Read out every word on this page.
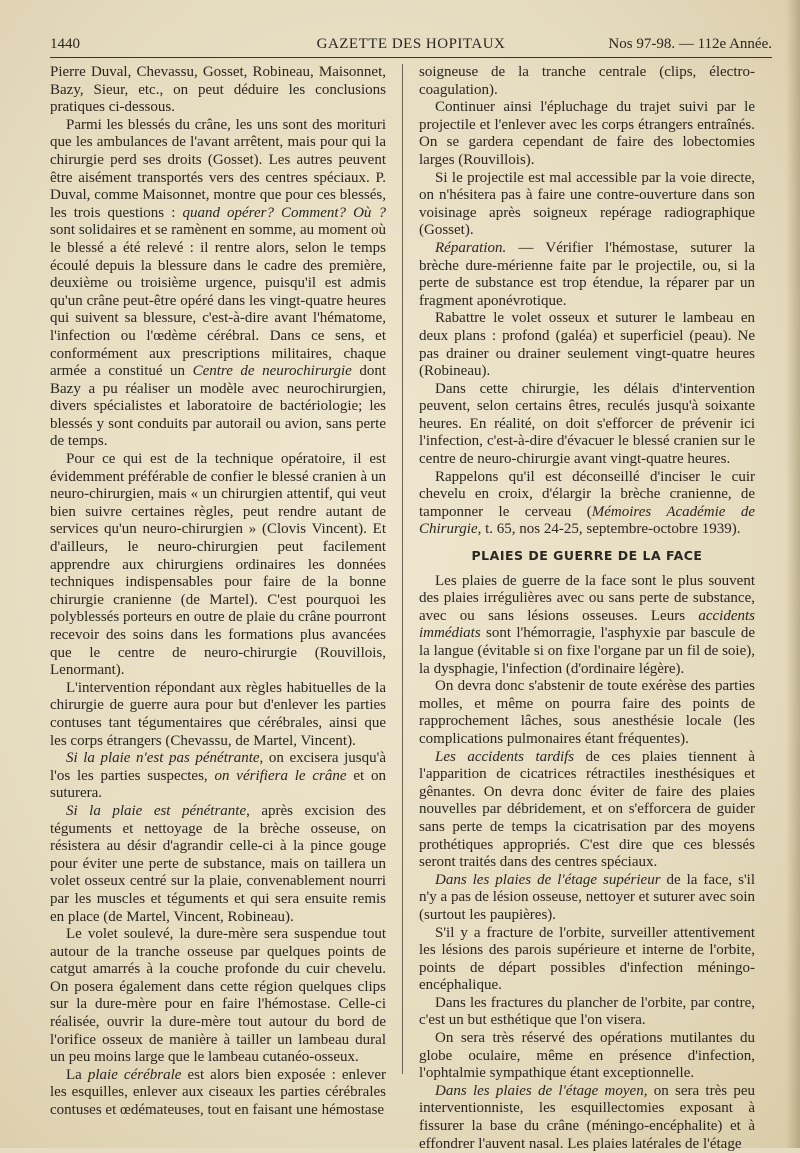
1440	GAZETTE DES HOPITAUX	Nos 97-98. — 112e Année.

Pierre Duval, Chevassu, Gosset, Robineau, Maisonnet, Bazy, Sieur, etc., on peut déduire les conclusions pratiques ci-dessous.

Parmi les blessés du crâne, les uns sont des morituri que les ambulances de l'avant arrêtent, mais pour qui la chirurgie perd ses droits (Gosset). Les autres peuvent être aisément transportés vers des centres spéciaux. P. Duval, comme Maisonnet, montre que pour ces blessés, les trois questions : quand opérer? Comment? Où ? sont solidaires et se ramènent en somme, au moment où le blessé a été relevé : il rentre alors, selon le temps écoulé depuis la blessure dans le cadre des première, deuxième ou troisième urgence, puisqu'il est admis qu'un crâne peut-être opéré dans les vingt-quatre heures qui suivent sa blessure, c'est-à-dire avant l'hématome, l'infection ou l'œdème cérébral. Dans ce sens, et conformément aux prescriptions militaires, chaque armée a constitué un Centre de neurochirurgie dont Bazy a pu réaliser un modèle avec neurochirurgien, divers spécialistes et laboratoire de bactériologie; les blessés y sont conduits par autorail ou avion, sans perte de temps.

Pour ce qui est de la technique opératoire, il est évidemment préférable de confier le blessé cranien à un neuro-chirurgien, mais « un chirurgien attentif, qui veut bien suivre certaines règles, peut rendre autant de services qu'un neuro-chirurgien » (Clovis Vincent). Et d'ailleurs, le neuro-chirurgien peut facilement apprendre aux chirurgiens ordinaires les données techniques indispensables pour faire de la bonne chirurgie cranienne (de Martel). C'est pourquoi les polyblessés porteurs en outre de plaie du crâne pourront recevoir des soins dans les formations plus avancées que le centre de neuro-chirurgie (Rouvillois, Lenormant).

L'intervention répondant aux règles habituelles de la chirurgie de guerre aura pour but d'enlever les parties contuses tant tégumentaires que cérébrales, ainsi que les corps étrangers (Chevassu, de Martel, Vincent).

Si la plaie n'est pas pénétrante, on excisera jusqu'à l'os les parties suspectes, on vérifiera le crâne et on suturera.

Si la plaie est pénétrante, après excision des téguments et nettoyage de la brèche osseuse, on résistera au désir d'agrandir celle-ci à la pince gouge pour éviter une perte de substance, mais on taillera un volet osseux centré sur la plaie, convenablement nourri par les muscles et téguments et qui sera ensuite remis en place (de Martel, Vincent, Robineau).

Le volet soulevé, la dure-mère sera suspendue tout autour de la tranche osseuse par quelques points de catgut amarrés à la couche profonde du cuir chevelu. On posera également dans cette région quelques clips sur la dure-mère pour en faire l'hémostase. Celle-ci réalisée, ouvrir la dure-mère tout autour du bord de l'orifice osseux de manière à tailler un lambeau dural un peu moins large que le lambeau cutanéo-osseux.

La plaie cérébrale est alors bien exposée : enlever les esquilles, enlever aux ciseaux les parties cérébrales contuses et œdémateuses, tout en faisant une hémostase

soigneuse de la tranche centrale (clips, électro-coagulation).

Continuer ainsi l'épluchage du trajet suivi par le projectile et l'enlever avec les corps étrangers entraînés. On se gardera cependant de faire des lobectomies larges (Rouvillois).

Si le projectile est mal accessible par la voie directe, on n'hésitera pas à faire une contre-ouverture dans son voisinage après soigneux repérage radiographique (Gosset).

Réparation. — Vérifier l'hémostase, suturer la brèche dure-mérienne faite par le projectile, ou, si la perte de substance est trop étendue, la réparer par un fragment aponévrotique.

Rabattre le volet osseux et suturer le lambeau en deux plans : profond (galéa) et superficiel (peau). Ne pas drainer ou drainer seulement vingt-quatre heures (Robineau).

Dans cette chirurgie, les délais d'intervention peuvent, selon certains êtres, reculés jusqu'à soixante heures. En réalité, on doit s'efforcer de prévenir ici l'infection, c'est-à-dire d'évacuer le blessé cranien sur le centre de neuro-chirurgie avant vingt-quatre heures.

Rappelons qu'il est déconseillé d'inciser le cuir chevelu en croix, d'élargir la brèche cranienne, de tamponner le cerveau (Mémoires Académie de Chirurgie, t. 65, nos 24-25, septembre-octobre 1939).

PLAIES DE GUERRE DE LA FACE

Les plaies de guerre de la face sont le plus souvent des plaies irrégulières avec ou sans perte de substance, avec ou sans lésions osseuses. Leurs accidents immédiats sont l'hémorragie, l'asphyxie par bascule de la langue (évitable si on fixe l'organe par un fil de soie), la dysphagie, l'infection (d'ordinaire légère).

On devra donc s'abstenir de toute exérèse des parties molles, et même on pourra faire des points de rapprochement lâches, sous anesthésie locale (les complications pulmonaires étant fréquentes).

Les accidents tardifs de ces plaies tiennent à l'apparition de cicatrices rétractiles inesthésiques et gênantes. On devra donc éviter de faire des plaies nouvelles par débridement, et on s'efforcera de guider sans perte de temps la cicatrisation par des moyens prothétiques appropriés. C'est dire que ces blessés seront traités dans des centres spéciaux.

Dans les plaies de l'étage supérieur de la face, s'il n'y a pas de lésion osseuse, nettoyer et suturer avec soin (surtout les paupières).

S'il y a fracture de l'orbite, surveiller attentivement les lésions des parois supérieure et interne de l'orbite, points de départ possibles d'infection méningo-encéphalique.

Dans les fractures du plancher de l'orbite, par contre, c'est un but esthétique que l'on visera.

On sera très réservé des opérations mutilantes du globe oculaire, même en présence d'infection, l'ophtalmie sympathique étant exceptionnelle.

Dans les plaies de l'étage moyen, on sera très peu interventionniste, les esquillectomies exposant à fissurer la base du crâne (méningo-encéphalite) et à effondrer l'auvent nasal. Les plaies latérales de l'étage
